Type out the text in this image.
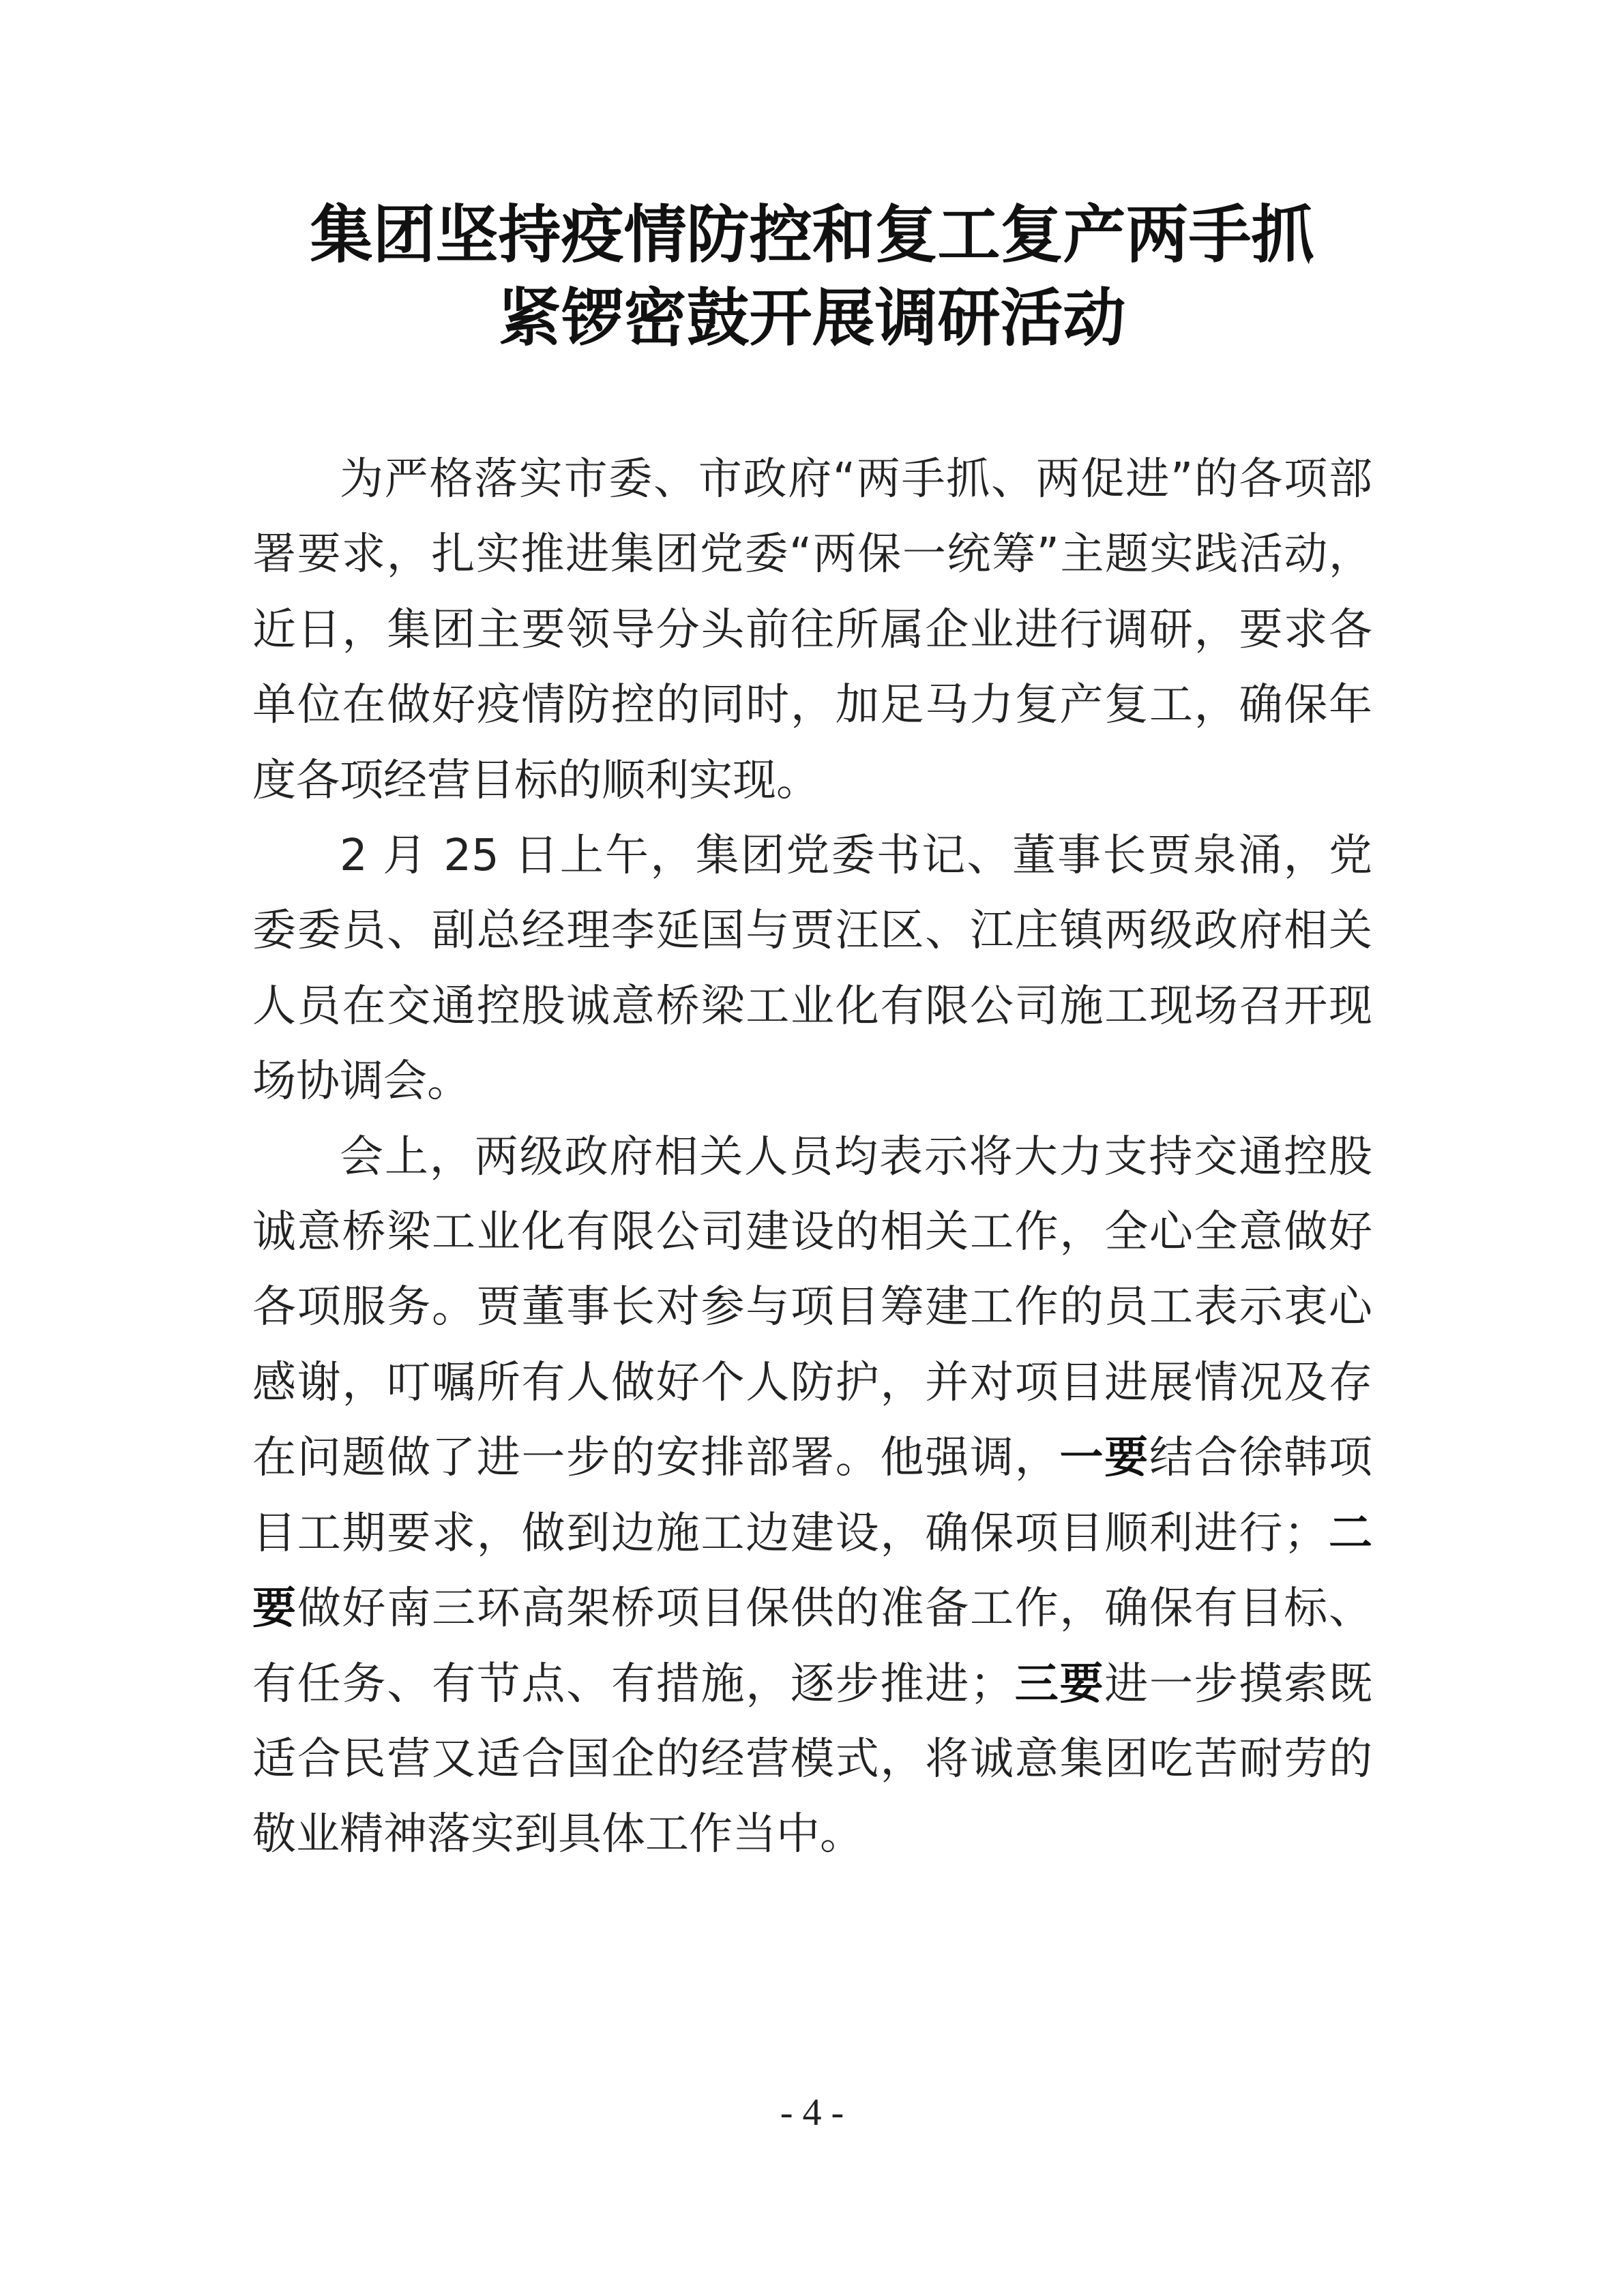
集团坚持疫情防控和复工复产两手抓
紧锣密鼓开展调研活动

为严格落实市委、市政府“两手抓、两促进”的各项部署要求，扎实推进集团党委“两保一统筹”主题实践活动，近日，集团主要领导分头前往所属企业进行调研，要求各单位在做好疫情防控的同时，加足马力复产复工，确保年度各项经营目标的顺利实现。

2 月 25 日上午，集团党委书记、董事长贾泉涌，党委委员、副总经理李延国与贾汪区、江庄镇两级政府相关人员在交通控股诚意桥梁工业化有限公司施工现场召开现场协调会。

会上，两级政府相关人员均表示将大力支持交通控股诚意桥梁工业化有限公司建设的相关工作，全心全意做好各项服务。贾董事长对参与项目筹建工作的员工表示衷心感谢，叮嘱所有人做好个人防护，并对项目进展情况及存在问题做了进一步的安排部署。他强调，一要结合徐韩项目工期要求，做到边施工边建设，确保项目顺利进行；二要做好南三环高架桥项目保供的准备工作，确保有目标、有任务、有节点、有措施，逐步推进；三要进一步摸索既适合民营又适合国企的经营模式，将诚意集团吃苦耐劳的敬业精神落实到具体工作当中。

- 4 -
